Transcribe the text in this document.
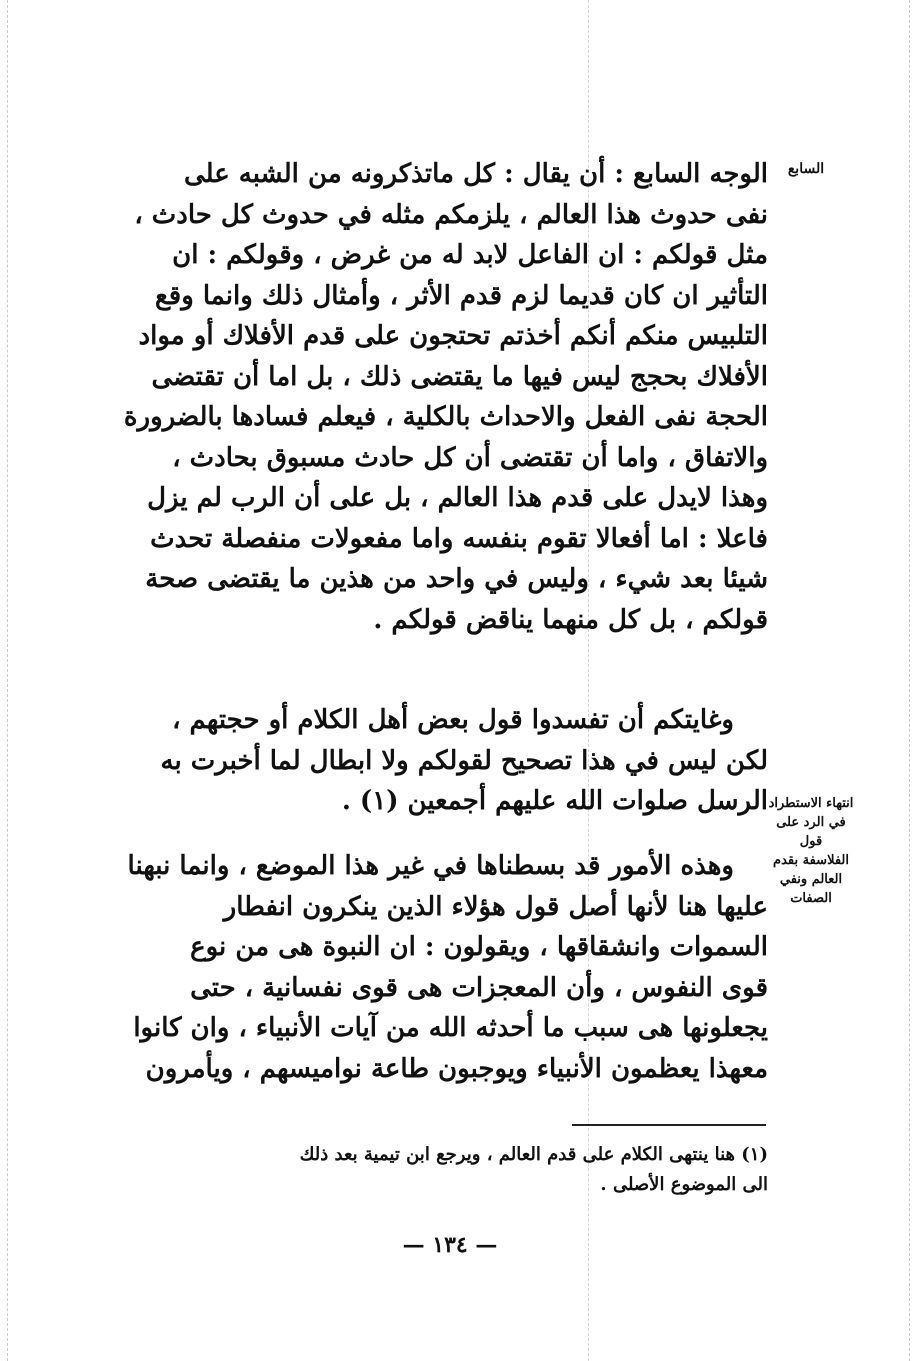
السابع
الوجه السابع : أن يقال : كل ماتذكرونه من الشبه على
نفى حدوث هذا العالم ، يلزمكم مثله في حدوث كل حادث ،
مثل قولكم : ان الفاعل لابد له من غرض ، وقولكم : ان
التأثير ان كان قديما لزم قدم الأثر ، وأمثال ذلك وانما وقع
التلبيس منكم أنكم أخذتم تحتجون على قدم الأفلاك أو مواد
الأفلاك بحجج ليس فيها ما يقتضى ذلك ، بل اما أن تقتضى
الحجة نفى الفعل والاحداث بالكلية ، فيعلم فسادها بالضرورة
والاتفاق ، واما أن تقتضى أن كل حادث مسبوق بحادث ،
وهذا لايدل على قدم هذا العالم ، بل على أن الرب لم يزل
فاعلا : اما أفعالا تقوم بنفسه واما مفعولات منفصلة تحدث
شيئا بعد شيء ، وليس في واحد من هذين ما يقتضى صحة
قولكم ، بل كل منهما يناقض قولكم .
وغايتكم أن تفسدوا قول بعض أهل الكلام أو حجتهم ،
لكن ليس في هذا تصحيح لقولكم ولا ابطال لما أخبرت به
الرسل صلوات الله عليهم أجمعين (١) . انتهاء الاستطراد
في الرد على قول
الفلاسفة بقدم
العالم ونفي
الصفات
وهذه الأمور قد بسطناها في غير هذا الموضع ، وانما نبهنا
عليها هنا لأنها أصل قول هؤلاء الذين ينكرون انفطار
السموات وانشقاقها ، ويقولون : ان النبوة هى من نوع
قوى النفوس ، وأن المعجزات هى قوى نفسانية ، حتى
يجعلونها هى سبب ما أحدثه الله من آيات الأنبياء ، وان كانوا
معهذا يعظمون الأنبياء ويوجبون طاعة نواميسهم ، ويأمرون
(١) هنا ينتهى الكلام على قدم العالم ، ويرجع ابن تيمية بعد ذلك
الى الموضوع الأصلى .
— ١٣٤ —
